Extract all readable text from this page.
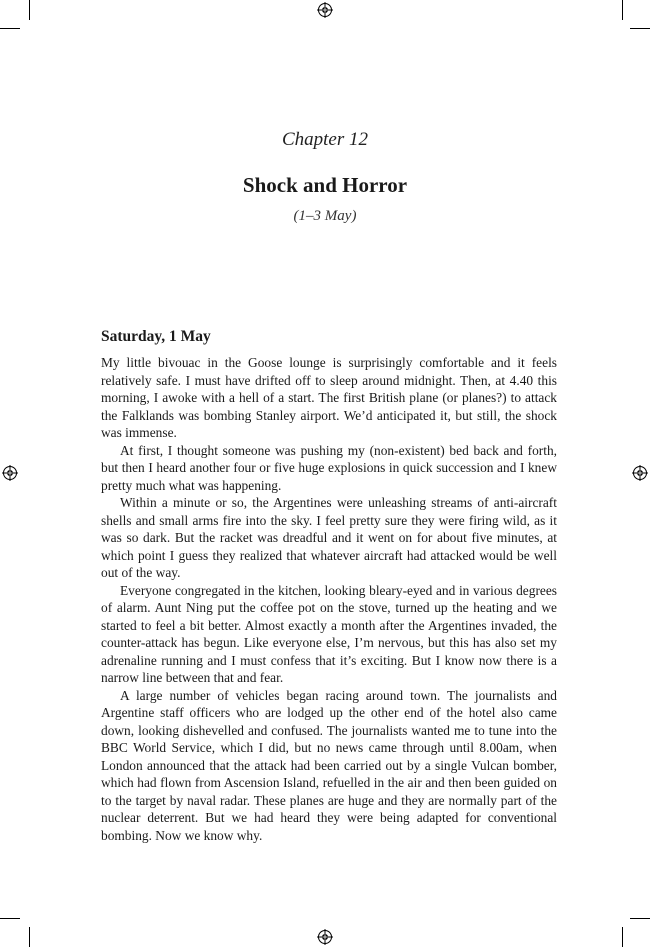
Chapter 12
Shock and Horror
(1–3 May)
Saturday, 1 May

My little bivouac in the Goose lounge is surprisingly comfortable and it feels relatively safe. I must have drifted off to sleep around midnight. Then, at 4.40 this morning, I awoke with a hell of a start. The first British plane (or planes?) to attack the Falklands was bombing Stanley airport. We’d anticipated it, but still, the shock was immense.

At first, I thought someone was pushing my (non-existent) bed back and forth, but then I heard another four or five huge explosions in quick succession and I knew pretty much what was happening.

Within a minute or so, the Argentines were unleashing streams of anti-aircraft shells and small arms fire into the sky. I feel pretty sure they were firing wild, as it was so dark. But the racket was dreadful and it went on for about five minutes, at which point I guess they realized that whatever aircraft had attacked would be well out of the way.

Everyone congregated in the kitchen, looking bleary-eyed and in various degrees of alarm. Aunt Ning put the coffee pot on the stove, turned up the heating and we started to feel a bit better. Almost exactly a month after the Argentines invaded, the counter-attack has begun. Like everyone else, I’m nervous, but this has also set my adrenaline running and I must confess that it’s exciting. But I know now there is a narrow line between that and fear.

A large number of vehicles began racing around town. The journalists and Argentine staff officers who are lodged up the other end of the hotel also came down, looking dishevelled and confused. The journalists wanted me to tune into the BBC World Service, which I did, but no news came through until 8.00am, when London announced that the attack had been carried out by a single Vulcan bomber, which had flown from Ascension Island, refuelled in the air and then been guided on to the target by naval radar. These planes are huge and they are normally part of the nuclear deterrent. But we had heard they were being adapted for conventional bombing. Now we know why.
